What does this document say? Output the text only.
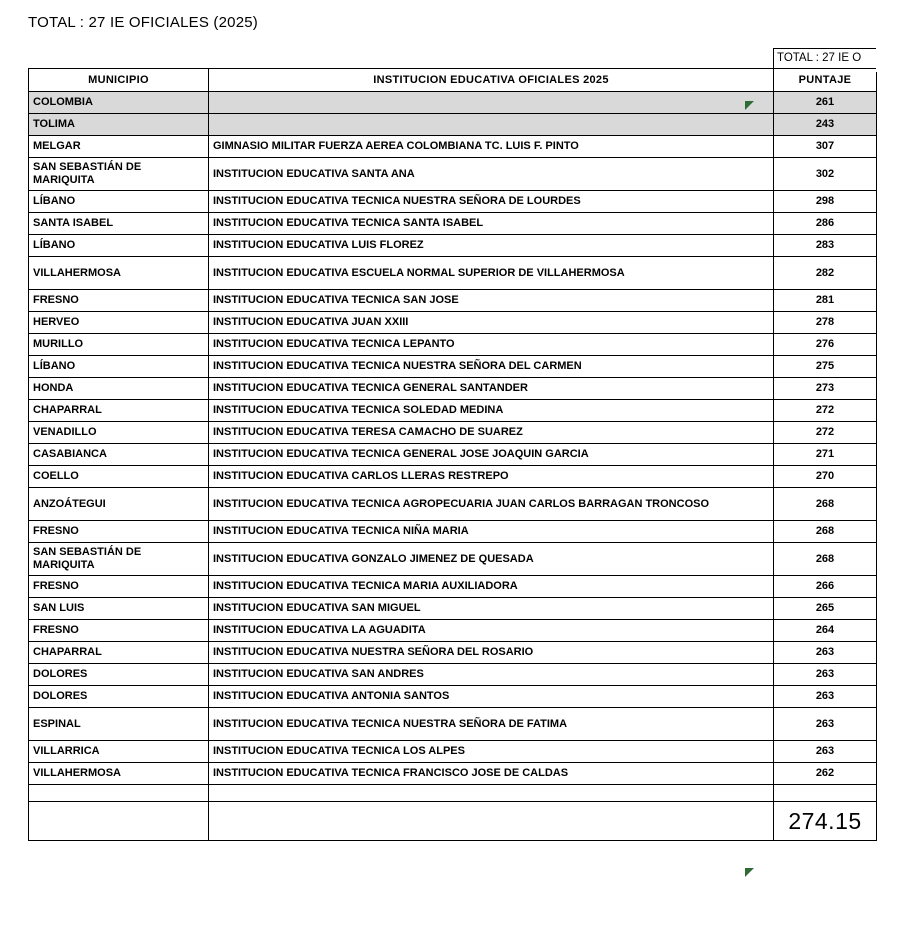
TOTAL : 27 IE OFICIALES (2025)
		TOTAL : 27 IE O
MUNICIPIO	INSTITUCION EDUCATIVA OFICIALES 2025	PUNTAJE
COLOMBIA		261
TOLIMA		243
MELGAR	GIMNASIO MILITAR FUERZA AEREA COLOMBIANA TC. LUIS F. PINTO	307
SAN SEBASTIÁN DE MARIQUITA	INSTITUCION EDUCATIVA SANTA ANA	302
LÍBANO	INSTITUCION EDUCATIVA TECNICA NUESTRA SEÑORA DE LOURDES	298
SANTA ISABEL	INSTITUCION EDUCATIVA TECNICA SANTA ISABEL	286
LÍBANO	INSTITUCION EDUCATIVA LUIS FLOREZ	283
VILLAHERMOSA	INSTITUCION EDUCATIVA ESCUELA NORMAL SUPERIOR DE VILLAHERMOSA	282
FRESNO	INSTITUCION EDUCATIVA TECNICA SAN JOSE	281
HERVEO	INSTITUCION EDUCATIVA JUAN XXIII	278
MURILLO	INSTITUCION EDUCATIVA TECNICA LEPANTO	276
LÍBANO	INSTITUCION EDUCATIVA TECNICA NUESTRA SEÑORA DEL CARMEN	275
HONDA	INSTITUCION EDUCATIVA TECNICA GENERAL SANTANDER	273
CHAPARRAL	INSTITUCION EDUCATIVA TECNICA SOLEDAD MEDINA	272
VENADILLO	INSTITUCION EDUCATIVA TERESA CAMACHO DE SUAREZ	272
CASABIANCA	INSTITUCION EDUCATIVA TECNICA GENERAL JOSE JOAQUIN GARCIA	271
COELLO	INSTITUCION EDUCATIVA CARLOS LLERAS RESTREPO	270
ANZOÁTEGUI	INSTITUCION EDUCATIVA TECNICA AGROPECUARIA JUAN CARLOS BARRAGAN TRONCOSO	268
FRESNO	INSTITUCION EDUCATIVA TECNICA NIÑA MARIA	268
SAN SEBASTIÁN DE MARIQUITA	INSTITUCION EDUCATIVA GONZALO JIMENEZ DE QUESADA	268
FRESNO	INSTITUCION EDUCATIVA TECNICA MARIA AUXILIADORA	266
SAN LUIS	INSTITUCION EDUCATIVA SAN MIGUEL	265
FRESNO	INSTITUCION EDUCATIVA LA AGUADITA	264
CHAPARRAL	INSTITUCION EDUCATIVA NUESTRA SEÑORA DEL ROSARIO	263
DOLORES	INSTITUCION EDUCATIVA SAN ANDRES	263
DOLORES	INSTITUCION EDUCATIVA ANTONIA SANTOS	263
ESPINAL	INSTITUCION EDUCATIVA TECNICA NUESTRA SEÑORA DE FATIMA	263
VILLARRICA	INSTITUCION EDUCATIVA TECNICA LOS ALPES	263
VILLAHERMOSA	INSTITUCION EDUCATIVA TECNICA FRANCISCO JOSE DE CALDAS	262

		274.15
